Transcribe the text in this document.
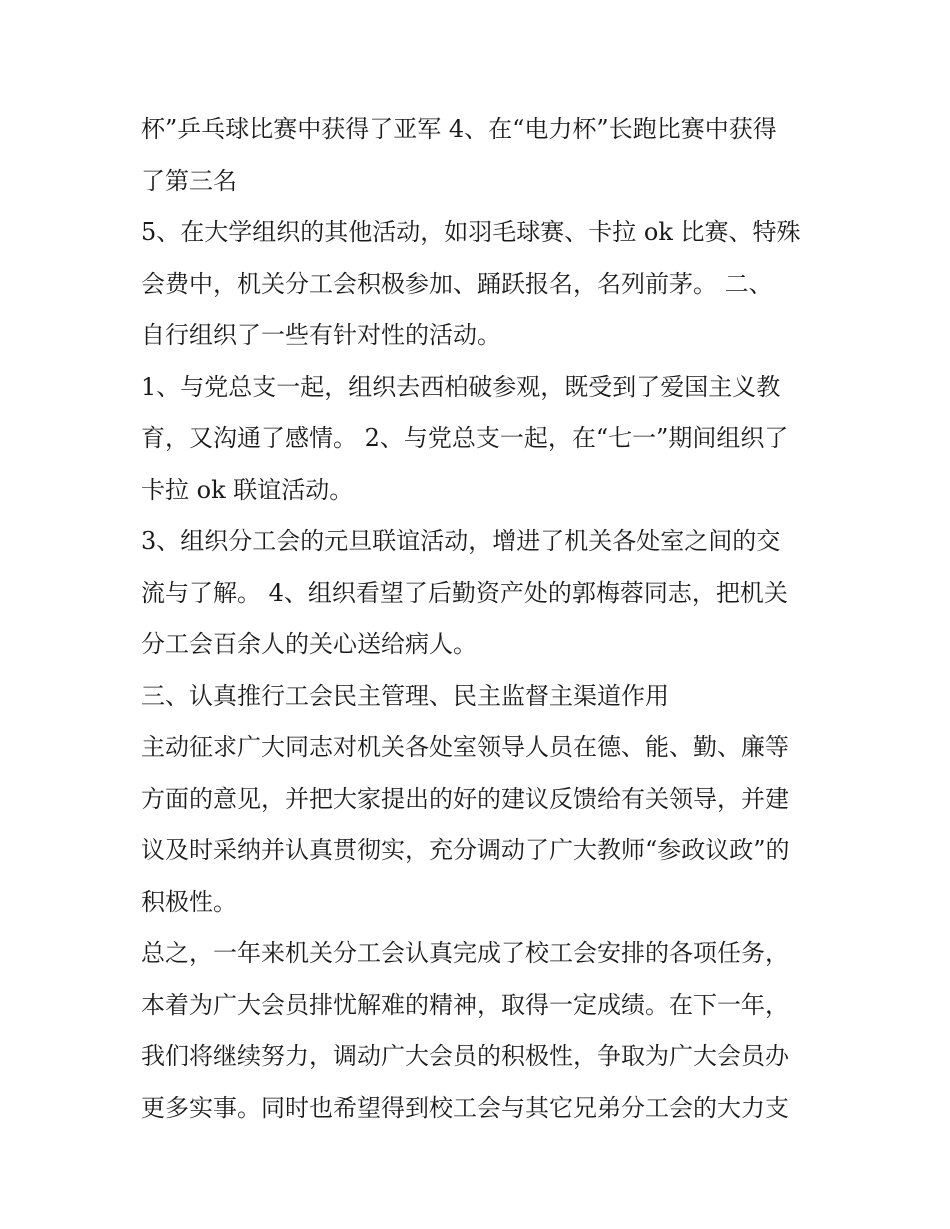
杯”乒乓球比赛中获得了亚军 4、在“电力杯”长跑比赛中获得
了第三名
5、在大学组织的其他活动，如羽毛球赛、卡拉 ok 比赛、特殊
会费中，机关分工会积极参加、踊跃报名，名列前茅。 二、
自行组织了一些有针对性的活动。
1、与党总支一起，组织去西柏破参观，既受到了爱国主义教
育，又沟通了感情。 2、与党总支一起，在“七一”期间组织了
卡拉 ok 联谊活动。
3、组织分工会的元旦联谊活动，增进了机关各处室之间的交
流与了解。 4、组织看望了后勤资产处的郭梅蓉同志，把机关
分工会百余人的关心送给病人。
三、认真推行工会民主管理、民主监督主渠道作用
主动征求广大同志对机关各处室领导人员在德、能、勤、廉等
方面的意见，并把大家提出的好的建议反馈给有关领导，并建
议及时采纳并认真贯彻实，充分调动了广大教师“参政议政”的
积极性。
总之，一年来机关分工会认真完成了校工会安排的各项任务，
本着为广大会员排忧解难的精神，取得一定成绩。在下一年，
我们将继续努力，调动广大会员的积极性，争取为广大会员办
更多实事。同时也希望得到校工会与其它兄弟分工会的大力支
